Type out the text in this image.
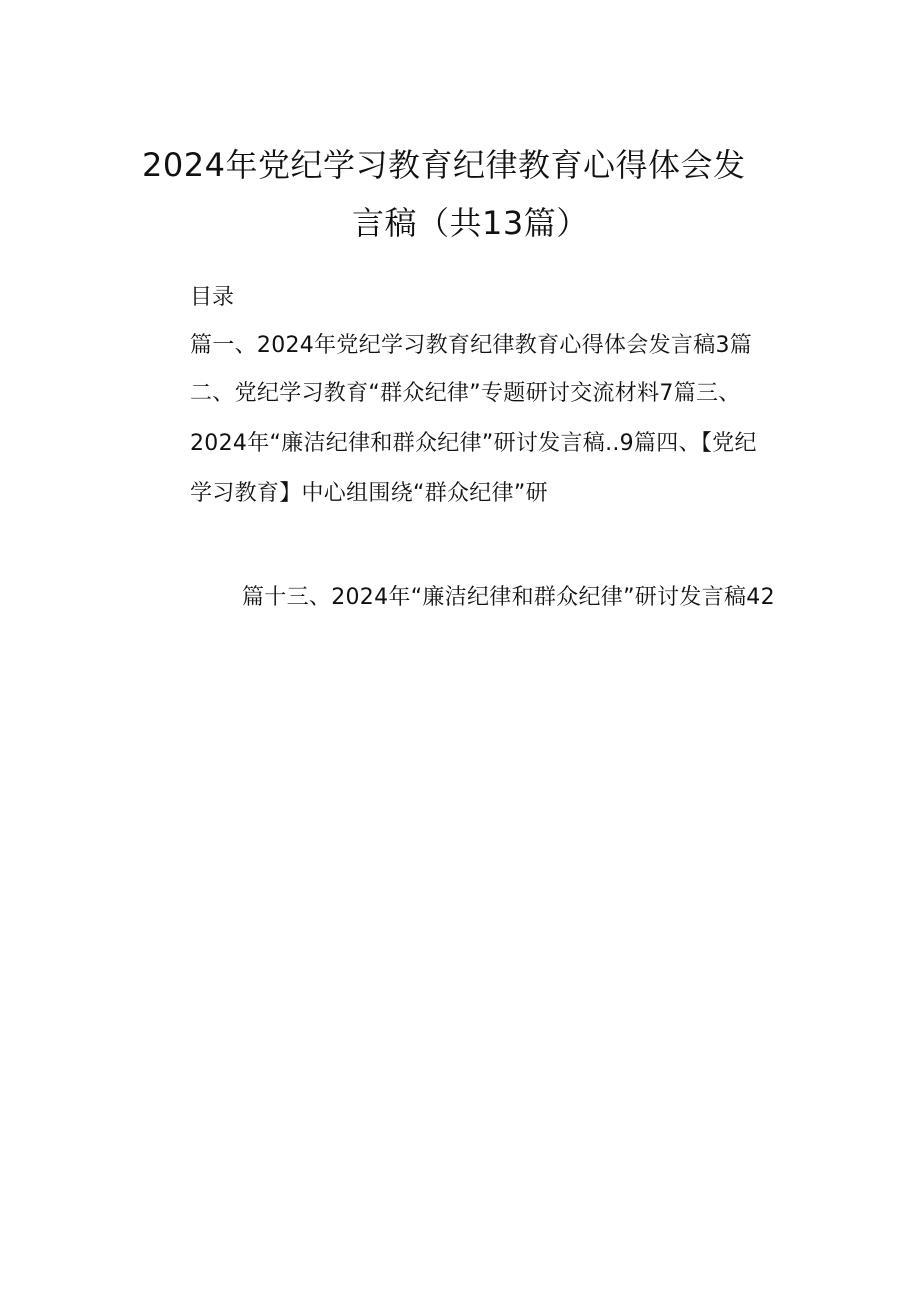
2024年党纪学习教育纪律教育心得体会发
言稿（共13篇）
目录
篇一、2024年党纪学习教育纪律教育心得体会发言稿3篇
二、党纪学习教育“群众纪律”专题研讨交流材料7篇三、
2024年“廉洁纪律和群众纪律”研讨发言稿..9篇四、【党纪
学习教育】中心组围绕“群众纪律”研
篇十三、2024年“廉洁纪律和群众纪律”研讨发言稿42
